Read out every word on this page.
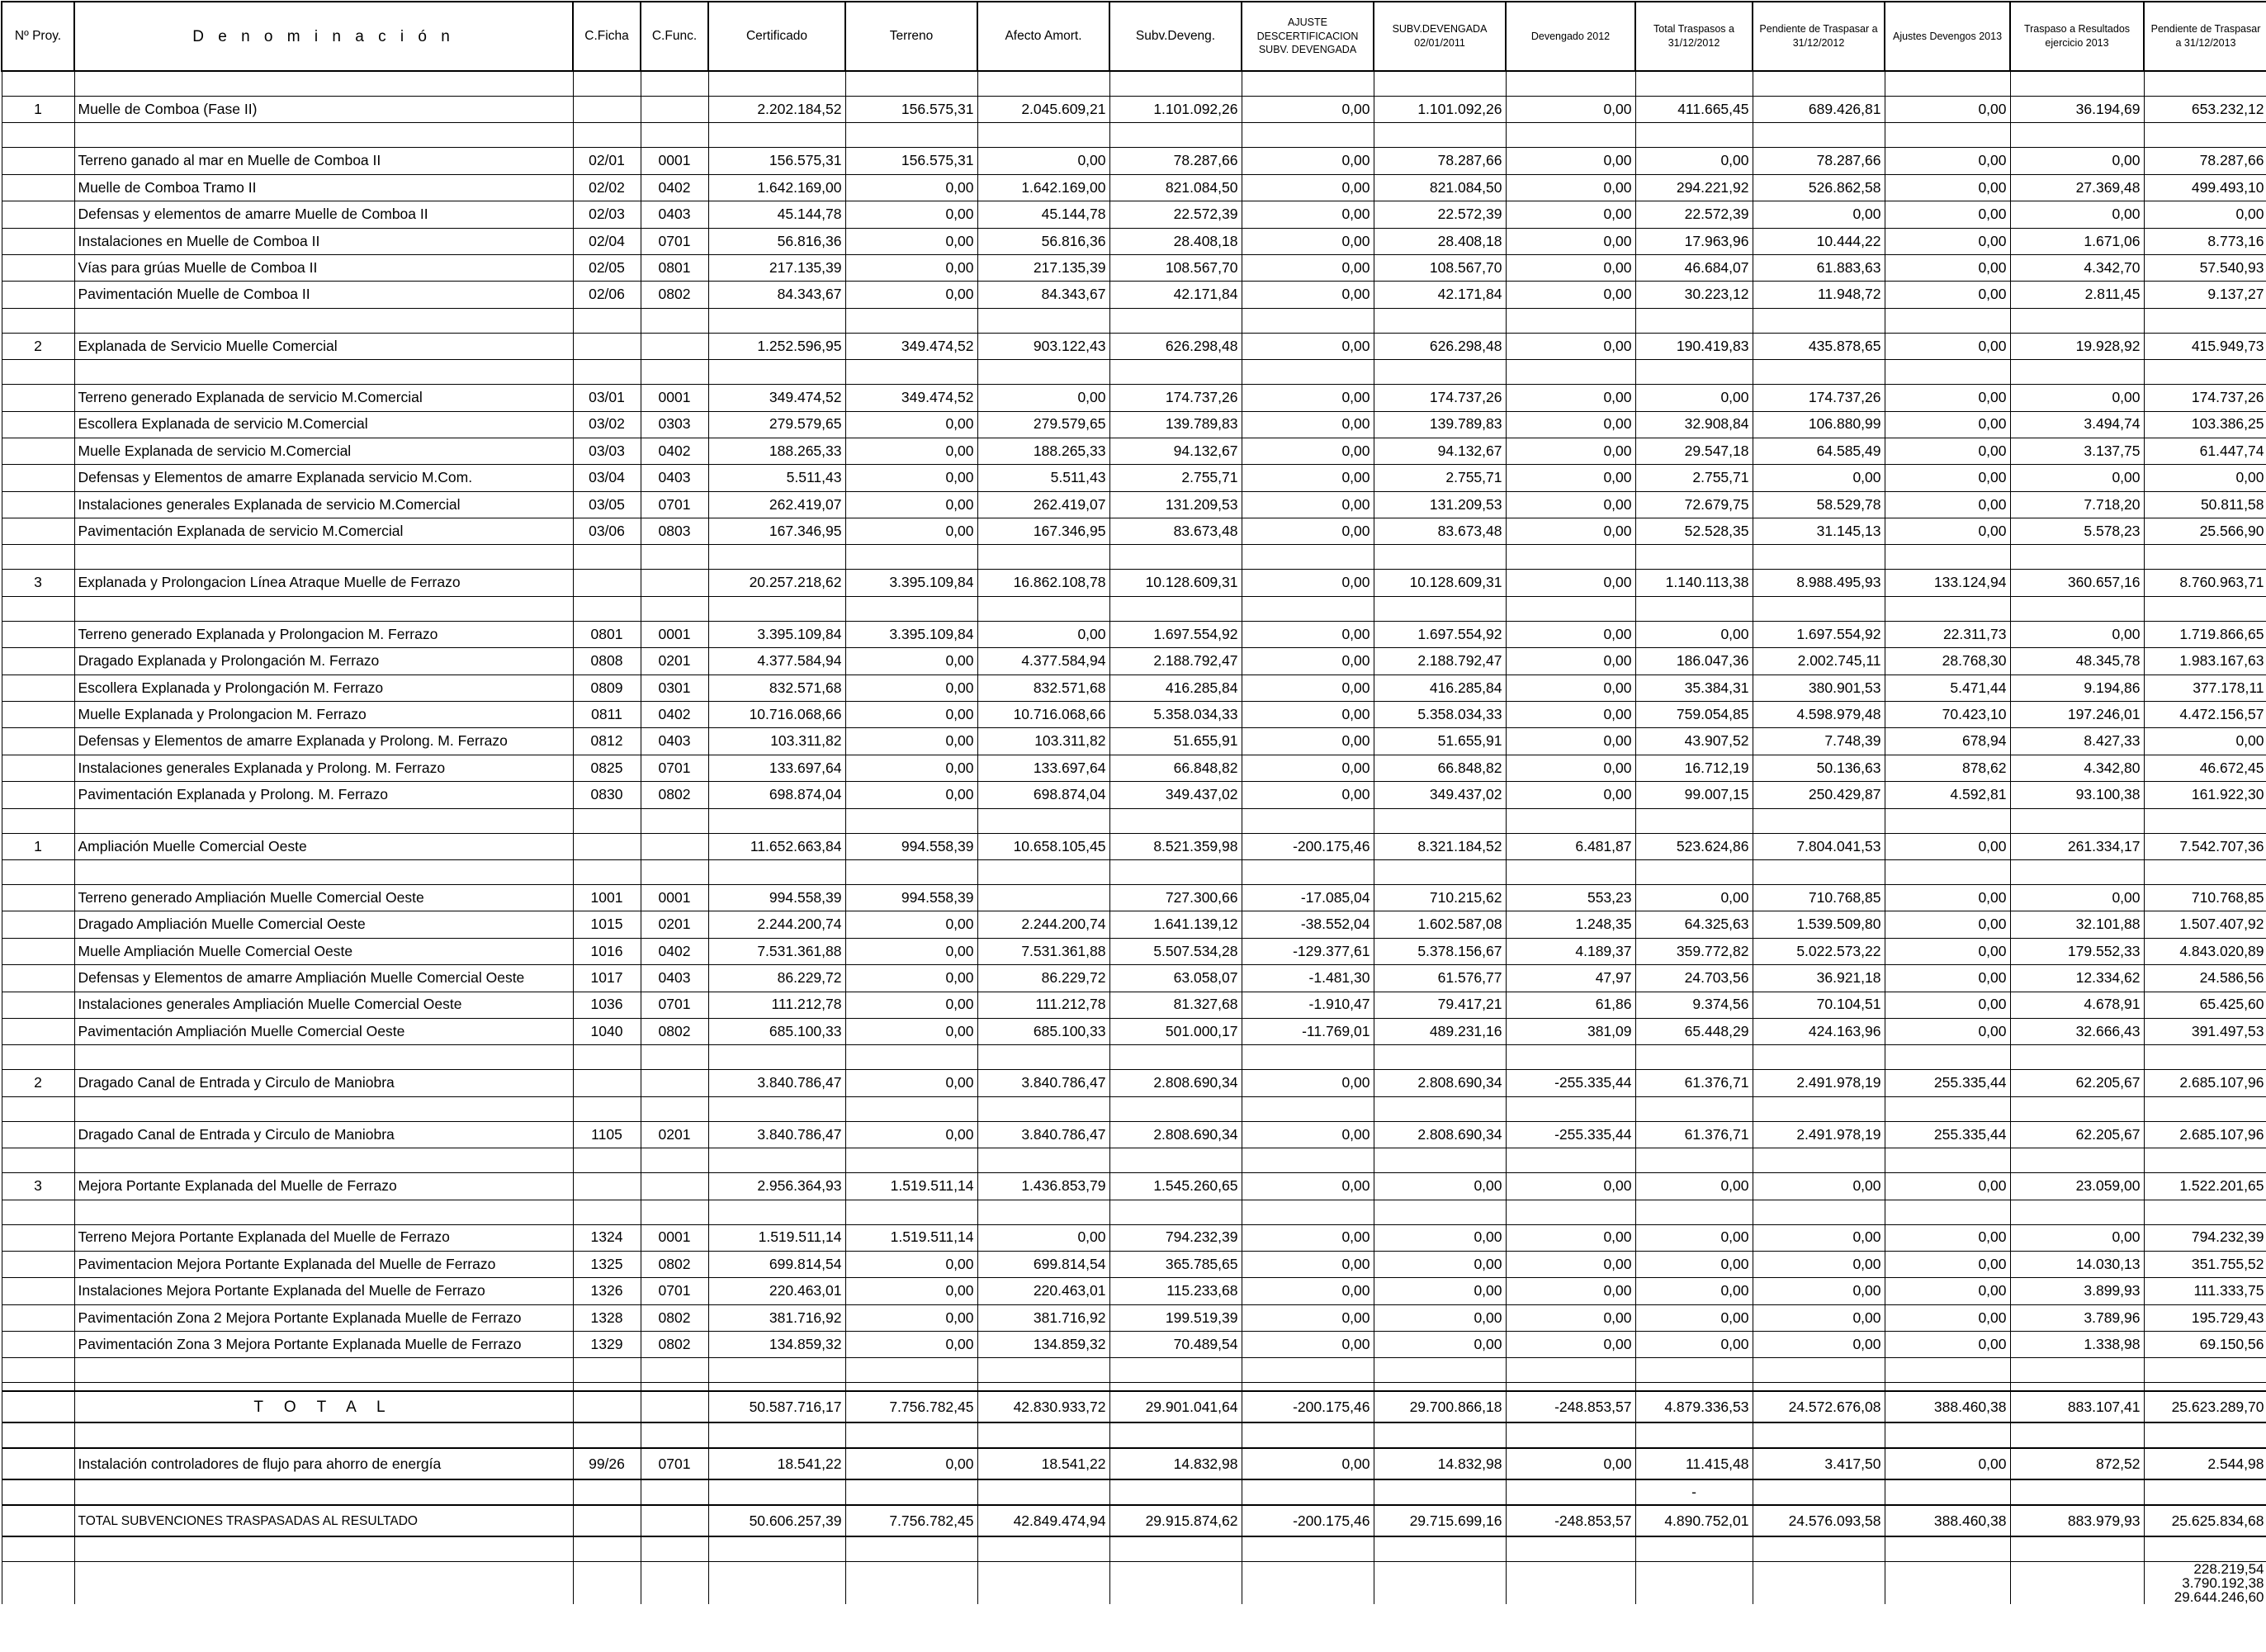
Nº Proy.	D e n o m i n a c i ó n	C.Ficha	C.Func.	Certificado	Terreno	Afecto Amort.	Subv.Deveng.	AJUSTE DESCERTIFICACION SUBV. DEVENGADA	SUBV.DEVENGADA 02/01/2011	Devengado 2012	Total Traspasos a 31/12/2012	Pendiente de Traspasar a 31/12/2012	Ajustes Devengos 2013	Traspaso a Resultados ejercicio 2013	Pendiente de Traspasar a 31/12/2013

1	Muelle de Comboa (Fase II)			2.202.184,52	156.575,31	2.045.609,21	1.101.092,26	0,00	1.101.092,26	0,00	411.665,45	689.426,81	0,00	36.194,69	653.232,12

	Terreno ganado al mar en Muelle de Comboa II	02/01	0001	156.575,31	156.575,31	0,00	78.287,66	0,00	78.287,66	0,00	0,00	78.287,66	0,00	0,00	78.287,66
	Muelle de Comboa Tramo II	02/02	0402	1.642.169,00	0,00	1.642.169,00	821.084,50	0,00	821.084,50	0,00	294.221,92	526.862,58	0,00	27.369,48	499.493,10
	Defensas y elementos de amarre Muelle de Comboa II	02/03	0403	45.144,78	0,00	45.144,78	22.572,39	0,00	22.572,39	0,00	22.572,39	0,00	0,00	0,00	0,00
	Instalaciones en Muelle de Comboa II	02/04	0701	56.816,36	0,00	56.816,36	28.408,18	0,00	28.408,18	0,00	17.963,96	10.444,22	0,00	1.671,06	8.773,16
	Vías para grúas Muelle de Comboa II	02/05	0801	217.135,39	0,00	217.135,39	108.567,70	0,00	108.567,70	0,00	46.684,07	61.883,63	0,00	4.342,70	57.540,93
	Pavimentación Muelle de Comboa II	02/06	0802	84.343,67	0,00	84.343,67	42.171,84	0,00	42.171,84	0,00	30.223,12	11.948,72	0,00	2.811,45	9.137,27

2	Explanada de Servicio Muelle Comercial			1.252.596,95	349.474,52	903.122,43	626.298,48	0,00	626.298,48	0,00	190.419,83	435.878,65	0,00	19.928,92	415.949,73

	Terreno generado Explanada de servicio M.Comercial	03/01	0001	349.474,52	349.474,52	0,00	174.737,26	0,00	174.737,26	0,00	0,00	174.737,26	0,00	0,00	174.737,26
	Escollera Explanada de servicio M.Comercial	03/02	0303	279.579,65	0,00	279.579,65	139.789,83	0,00	139.789,83	0,00	32.908,84	106.880,99	0,00	3.494,74	103.386,25
	Muelle Explanada de servicio M.Comercial	03/03	0402	188.265,33	0,00	188.265,33	94.132,67	0,00	94.132,67	0,00	29.547,18	64.585,49	0,00	3.137,75	61.447,74
	Defensas y Elementos de amarre Explanada servicio M.Com.	03/04	0403	5.511,43	0,00	5.511,43	2.755,71	0,00	2.755,71	0,00	2.755,71	0,00	0,00	0,00	0,00
	Instalaciones generales Explanada de servicio M.Comercial	03/05	0701	262.419,07	0,00	262.419,07	131.209,53	0,00	131.209,53	0,00	72.679,75	58.529,78	0,00	7.718,20	50.811,58
	Pavimentación Explanada de servicio M.Comercial	03/06	0803	167.346,95	0,00	167.346,95	83.673,48	0,00	83.673,48	0,00	52.528,35	31.145,13	0,00	5.578,23	25.566,90

3	Explanada y Prolongacion Línea Atraque Muelle de Ferrazo			20.257.218,62	3.395.109,84	16.862.108,78	10.128.609,31	0,00	10.128.609,31	0,00	1.140.113,38	8.988.495,93	133.124,94	360.657,16	8.760.963,71

	Terreno generado Explanada y Prolongacion M. Ferrazo	0801	0001	3.395.109,84	3.395.109,84	0,00	1.697.554,92	0,00	1.697.554,92	0,00	0,00	1.697.554,92	22.311,73	0,00	1.719.866,65
	Dragado Explanada y Prolongación M. Ferrazo	0808	0201	4.377.584,94	0,00	4.377.584,94	2.188.792,47	0,00	2.188.792,47	0,00	186.047,36	2.002.745,11	28.768,30	48.345,78	1.983.167,63
	Escollera Explanada y Prolongación M. Ferrazo	0809	0301	832.571,68	0,00	832.571,68	416.285,84	0,00	416.285,84	0,00	35.384,31	380.901,53	5.471,44	9.194,86	377.178,11
	Muelle Explanada y Prolongacion M. Ferrazo	0811	0402	10.716.068,66	0,00	10.716.068,66	5.358.034,33	0,00	5.358.034,33	0,00	759.054,85	4.598.979,48	70.423,10	197.246,01	4.472.156,57
	Defensas y Elementos de amarre Explanada y Prolong. M. Ferrazo	0812	0403	103.311,82	0,00	103.311,82	51.655,91	0,00	51.655,91	0,00	43.907,52	7.748,39	678,94	8.427,33	0,00
	Instalaciones generales Explanada y Prolong. M. Ferrazo	0825	0701	133.697,64	0,00	133.697,64	66.848,82	0,00	66.848,82	0,00	16.712,19	50.136,63	878,62	4.342,80	46.672,45
	Pavimentación Explanada y Prolong. M. Ferrazo	0830	0802	698.874,04	0,00	698.874,04	349.437,02	0,00	349.437,02	0,00	99.007,15	250.429,87	4.592,81	93.100,38	161.922,30

1	Ampliación Muelle Comercial Oeste			11.652.663,84	994.558,39	10.658.105,45	8.521.359,98	-200.175,46	8.321.184,52	6.481,87	523.624,86	7.804.041,53	0,00	261.334,17	7.542.707,36

	Terreno generado Ampliación Muelle Comercial Oeste	1001	0001	994.558,39	994.558,39		727.300,66	-17.085,04	710.215,62	553,23	0,00	710.768,85	0,00	0,00	710.768,85
	Dragado Ampliación Muelle Comercial Oeste	1015	0201	2.244.200,74	0,00	2.244.200,74	1.641.139,12	-38.552,04	1.602.587,08	1.248,35	64.325,63	1.539.509,80	0,00	32.101,88	1.507.407,92
	Muelle Ampliación Muelle Comercial Oeste	1016	0402	7.531.361,88	0,00	7.531.361,88	5.507.534,28	-129.377,61	5.378.156,67	4.189,37	359.772,82	5.022.573,22	0,00	179.552,33	4.843.020,89
	Defensas y Elementos de amarre Ampliación Muelle Comercial Oeste	1017	0403	86.229,72	0,00	86.229,72	63.058,07	-1.481,30	61.576,77	47,97	24.703,56	36.921,18	0,00	12.334,62	24.586,56
	Instalaciones generales Ampliación Muelle Comercial Oeste	1036	0701	111.212,78	0,00	111.212,78	81.327,68	-1.910,47	79.417,21	61,86	9.374,56	70.104,51	0,00	4.678,91	65.425,60
	Pavimentación Ampliación Muelle Comercial Oeste	1040	0802	685.100,33	0,00	685.100,33	501.000,17	-11.769,01	489.231,16	381,09	65.448,29	424.163,96	0,00	32.666,43	391.497,53

2	Dragado Canal de Entrada y Circulo de Maniobra			3.840.786,47	0,00	3.840.786,47	2.808.690,34	0,00	2.808.690,34	-255.335,44	61.376,71	2.491.978,19	255.335,44	62.205,67	2.685.107,96

	Dragado Canal de Entrada y Circulo de Maniobra	1105	0201	3.840.786,47	0,00	3.840.786,47	2.808.690,34	0,00	2.808.690,34	-255.335,44	61.376,71	2.491.978,19	255.335,44	62.205,67	2.685.107,96

3	Mejora Portante Explanada del Muelle de Ferrazo			2.956.364,93	1.519.511,14	1.436.853,79	1.545.260,65	0,00	0,00	0,00	0,00	0,00	0,00	23.059,00	1.522.201,65

	Terreno Mejora Portante Explanada del Muelle de Ferrazo	1324	0001	1.519.511,14	1.519.511,14	0,00	794.232,39	0,00	0,00	0,00	0,00	0,00	0,00	0,00	794.232,39
	Pavimentacion Mejora Portante Explanada del Muelle de Ferrazo	1325	0802	699.814,54	0,00	699.814,54	365.785,65	0,00	0,00	0,00	0,00	0,00	0,00	14.030,13	351.755,52
	Instalaciones Mejora Portante Explanada del Muelle de Ferrazo	1326	0701	220.463,01	0,00	220.463,01	115.233,68	0,00	0,00	0,00	0,00	0,00	0,00	3.899,93	111.333,75
	Pavimentación Zona 2 Mejora Portante Explanada Muelle de Ferrazo	1328	0802	381.716,92	0,00	381.716,92	199.519,39	0,00	0,00	0,00	0,00	0,00	0,00	3.789,96	195.729,43
	Pavimentación Zona 3 Mejora Portante Explanada Muelle de Ferrazo	1329	0802	134.859,32	0,00	134.859,32	70.489,54	0,00	0,00	0,00	0,00	0,00	0,00	1.338,98	69.150,56

	T O T A L			50.587.716,17	7.756.782,45	42.830.933,72	29.901.041,64	-200.175,46	29.700.866,18	-248.853,57	4.879.336,53	24.572.676,08	388.460,38	883.107,41	25.623.289,70

	Instalación controladores de flujo para ahorro de energía	99/26	0701	18.541,22	0,00	18.541,22	14.832,98	0,00	14.832,98	0,00	11.415,48	3.417,50	0,00	872,52	2.544,98
											-				
	TOTAL SUBVENCIONES TRASPASADAS AL RESULTADO			50.606.257,39	7.756.782,45	42.849.474,94	29.915.874,62	-200.175,46	29.715.699,16	-248.853,57	4.890.752,01	24.576.093,58	388.460,38	883.979,93	25.625.834,68

															228.219,54
															3.790.192,38
															29.644.246,60
